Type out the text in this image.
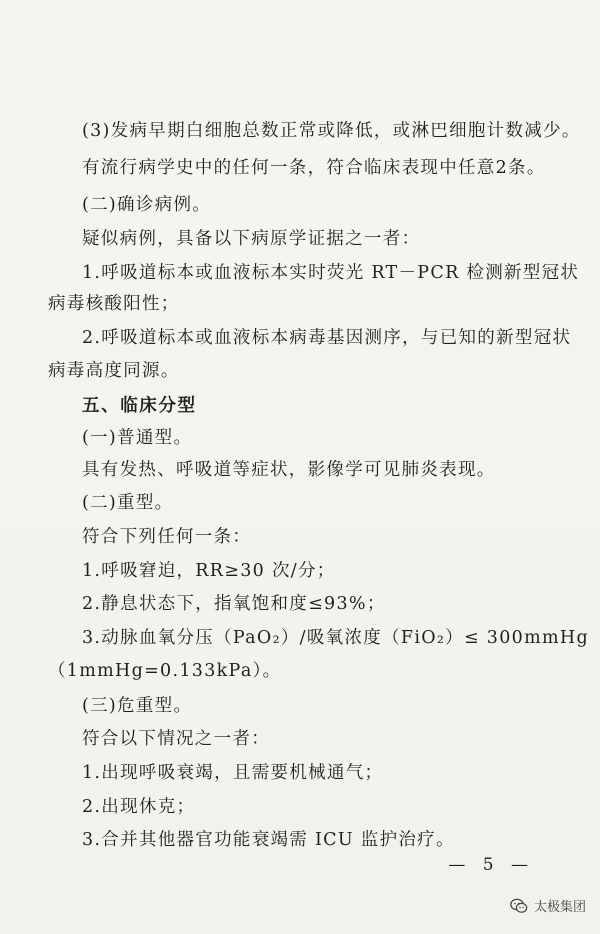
(3)发病早期白细胞总数正常或降低，或淋巴细胞计数减少。
有流行病学史中的任何一条，符合临床表现中任意2条。
(二)确诊病例。
疑似病例，具备以下病原学证据之一者：
1.呼吸道标本或血液标本实时荧光 RT－PCR 检测新型冠状
病毒核酸阳性；
2.呼吸道标本或血液标本病毒基因测序，与已知的新型冠状
病毒高度同源。
五、临床分型
(一)普通型。
具有发热、呼吸道等症状，影像学可见肺炎表现。
(二)重型。
符合下列任何一条：
1.呼吸窘迫，RR≥30 次/分；
2.静息状态下，指氧饱和度≤93%；
3.动脉血氧分压（PaO₂）/吸氧浓度（FiO₂）≤ 300mmHg
（1mmHg=0.133kPa）。
(三)危重型。
符合以下情况之一者：
1.出现呼吸衰竭，且需要机械通气；
2.出现休克；
3.合并其他器官功能衰竭需 ICU 监护治疗。
— 5 —
太极集团
